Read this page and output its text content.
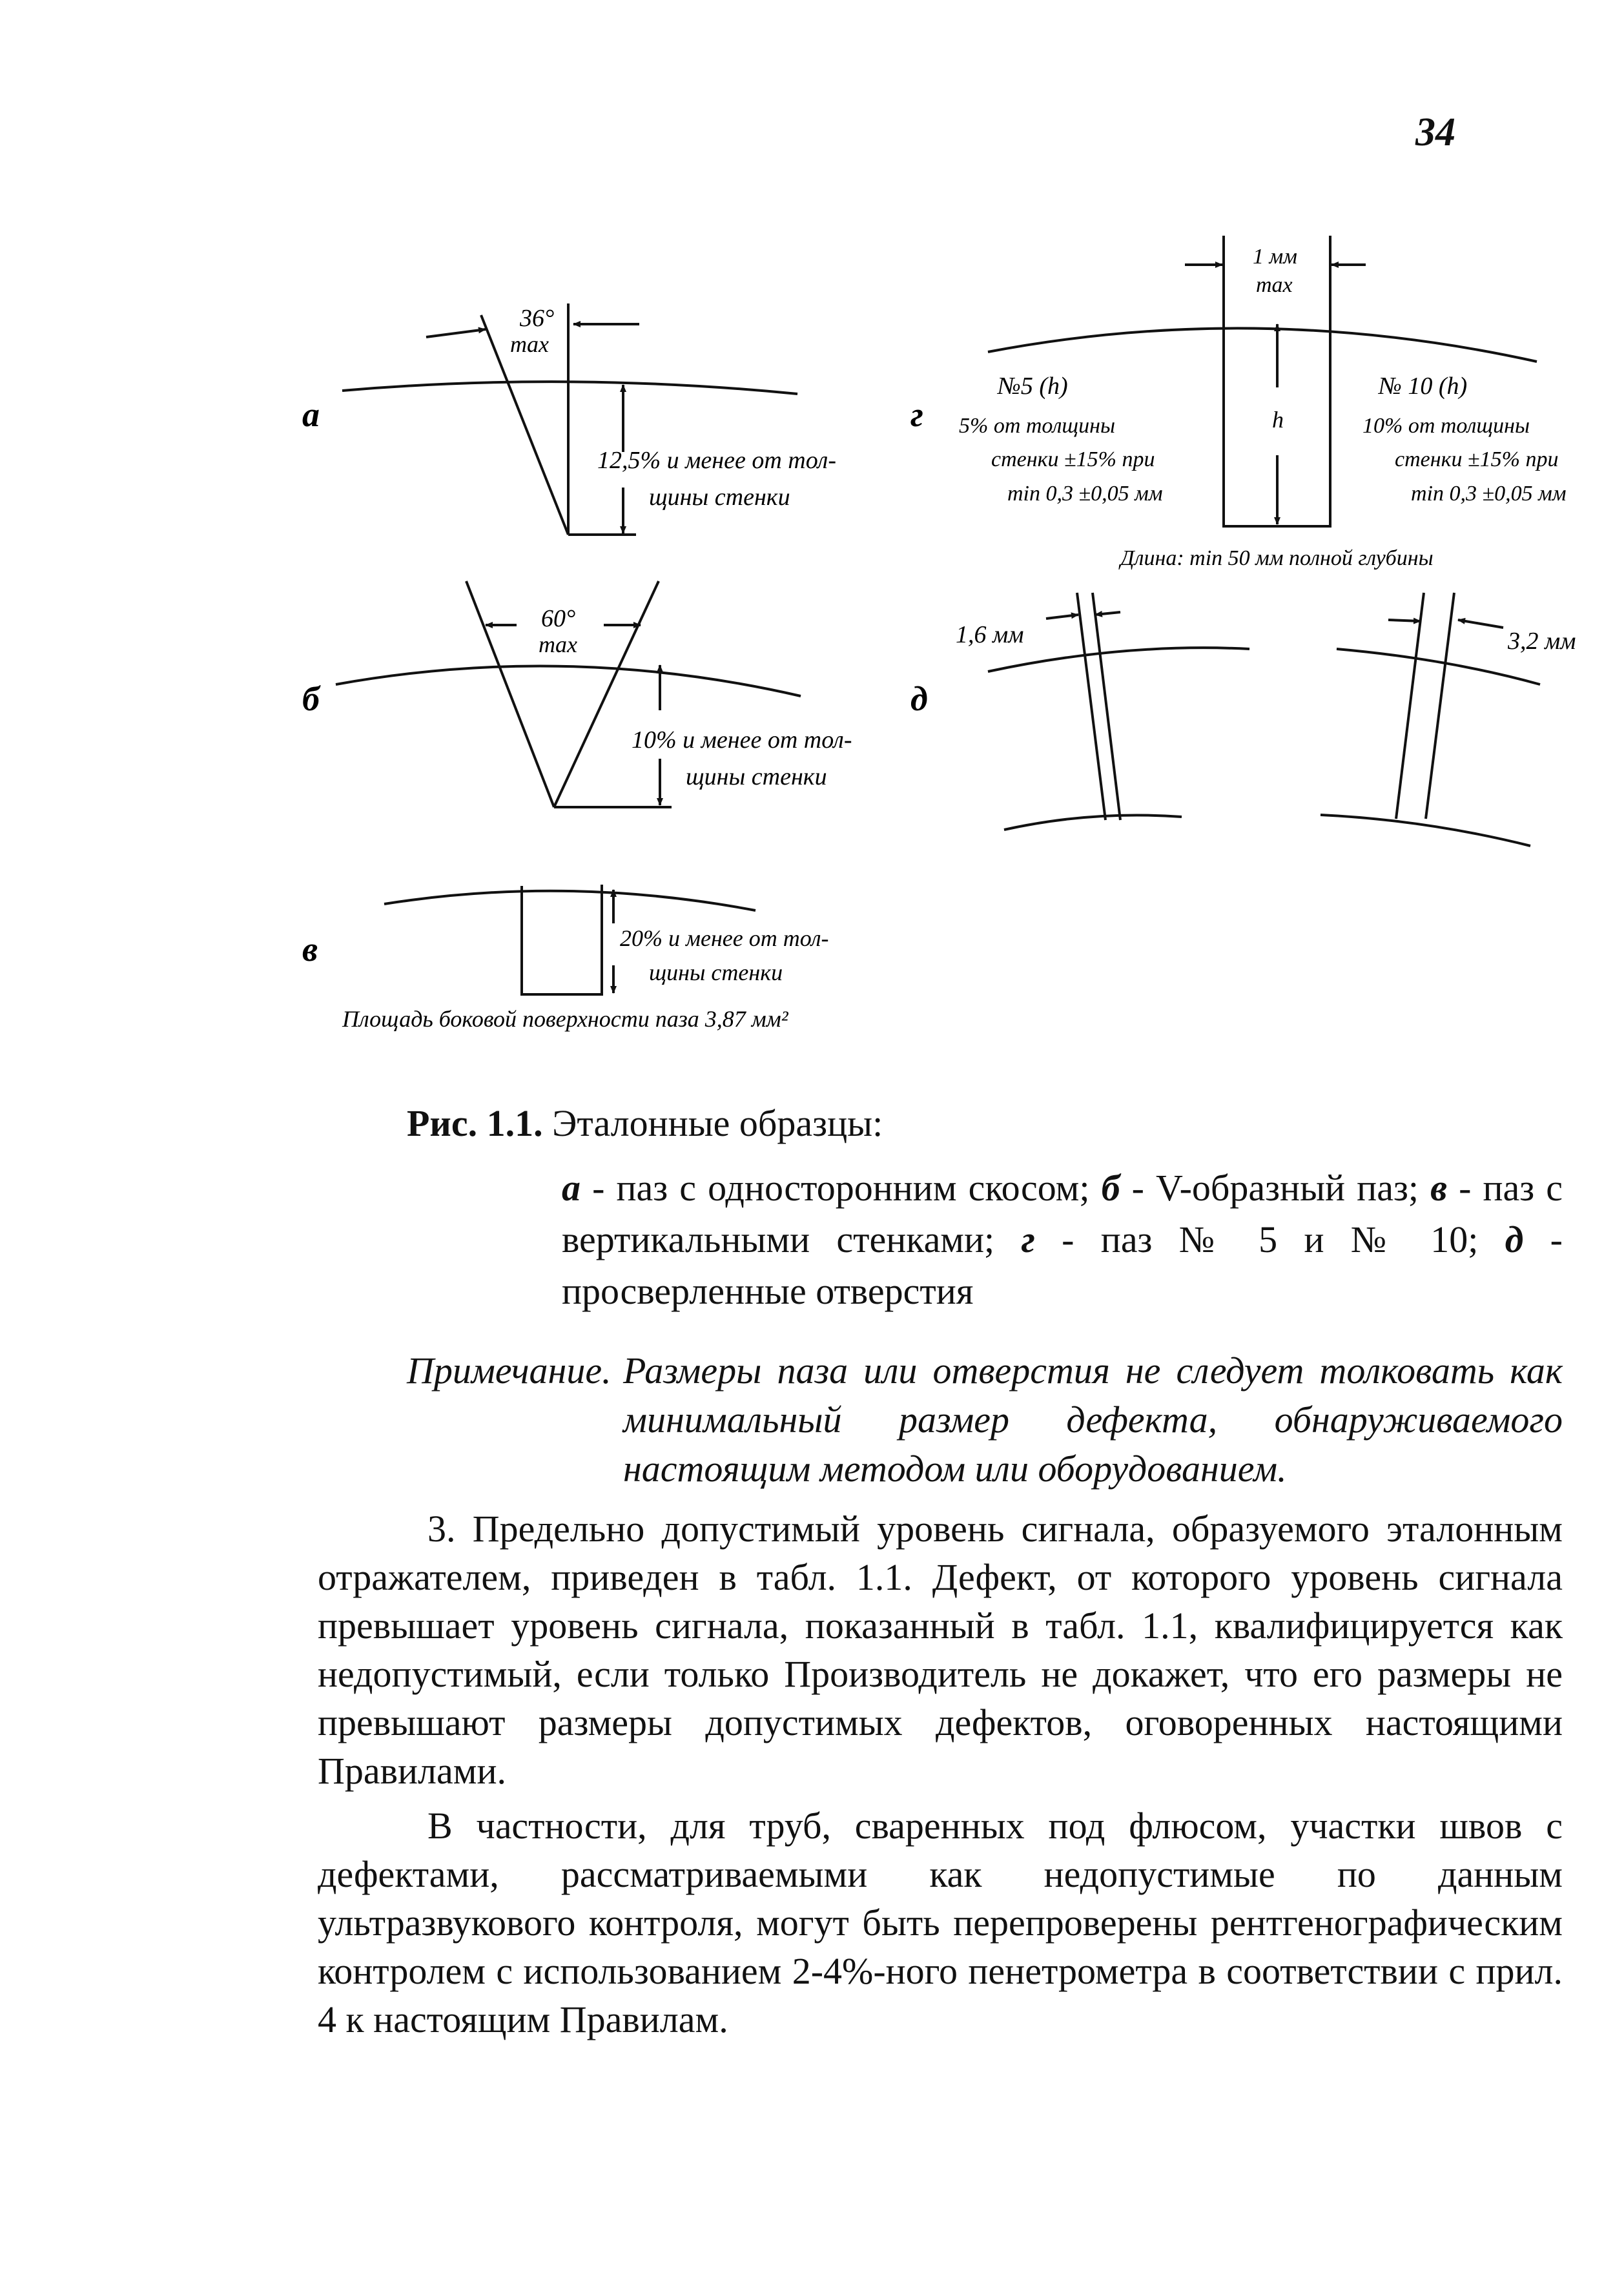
34
а
б
в
г
д
36°
max
12,5% и менее от тол-
щины стенки
60°
max
10% и менее от тол-
щины стенки
20% и менее от тол-
щины стенки
Площадь боковой поверхности паза 3,87 мм²
1 мм
max
h
№5 (h)
5% от толщины
стенки ±15% при
min 0,3 ±0,05 мм
№ 10 (h)
10% от толщины
стенки ±15% при
min 0,3 ±0,05 мм
Длина: min 50 мм полной глубины
1,6 мм	3,2 мм
Рис. 1.1. Эталонные образцы:
а - паз с односторонним скосом; б - V-образный паз; в - паз с вертикальными стенками; г - паз № 5 и № 10; д - просверленные отверстия
Примечание. Размеры паза или отверстия не следует толковать как минимальный размер дефекта, обнаруживаемого настоящим методом или оборудованием.
3. Предельно допустимый уровень сигнала, образуемого эталонным отражателем, приведен в табл. 1.1. Дефект, от которого уровень сигнала превышает уровень сигнала, показанный в табл. 1.1, квалифицируется как недопустимый, если только Производитель не докажет, что его размеры не превышают размеры допустимых дефектов, оговоренных настоящими Правилами.
В частности, для труб, сваренных под флюсом, участки швов с дефектами, рассматриваемыми как недопустимые по данным ультразвукового контроля, могут быть перепроверены рентгенографическим контролем с использованием 2-4%-ного пенетрометра в соответствии с прил. 4 к настоящим Правилам.
